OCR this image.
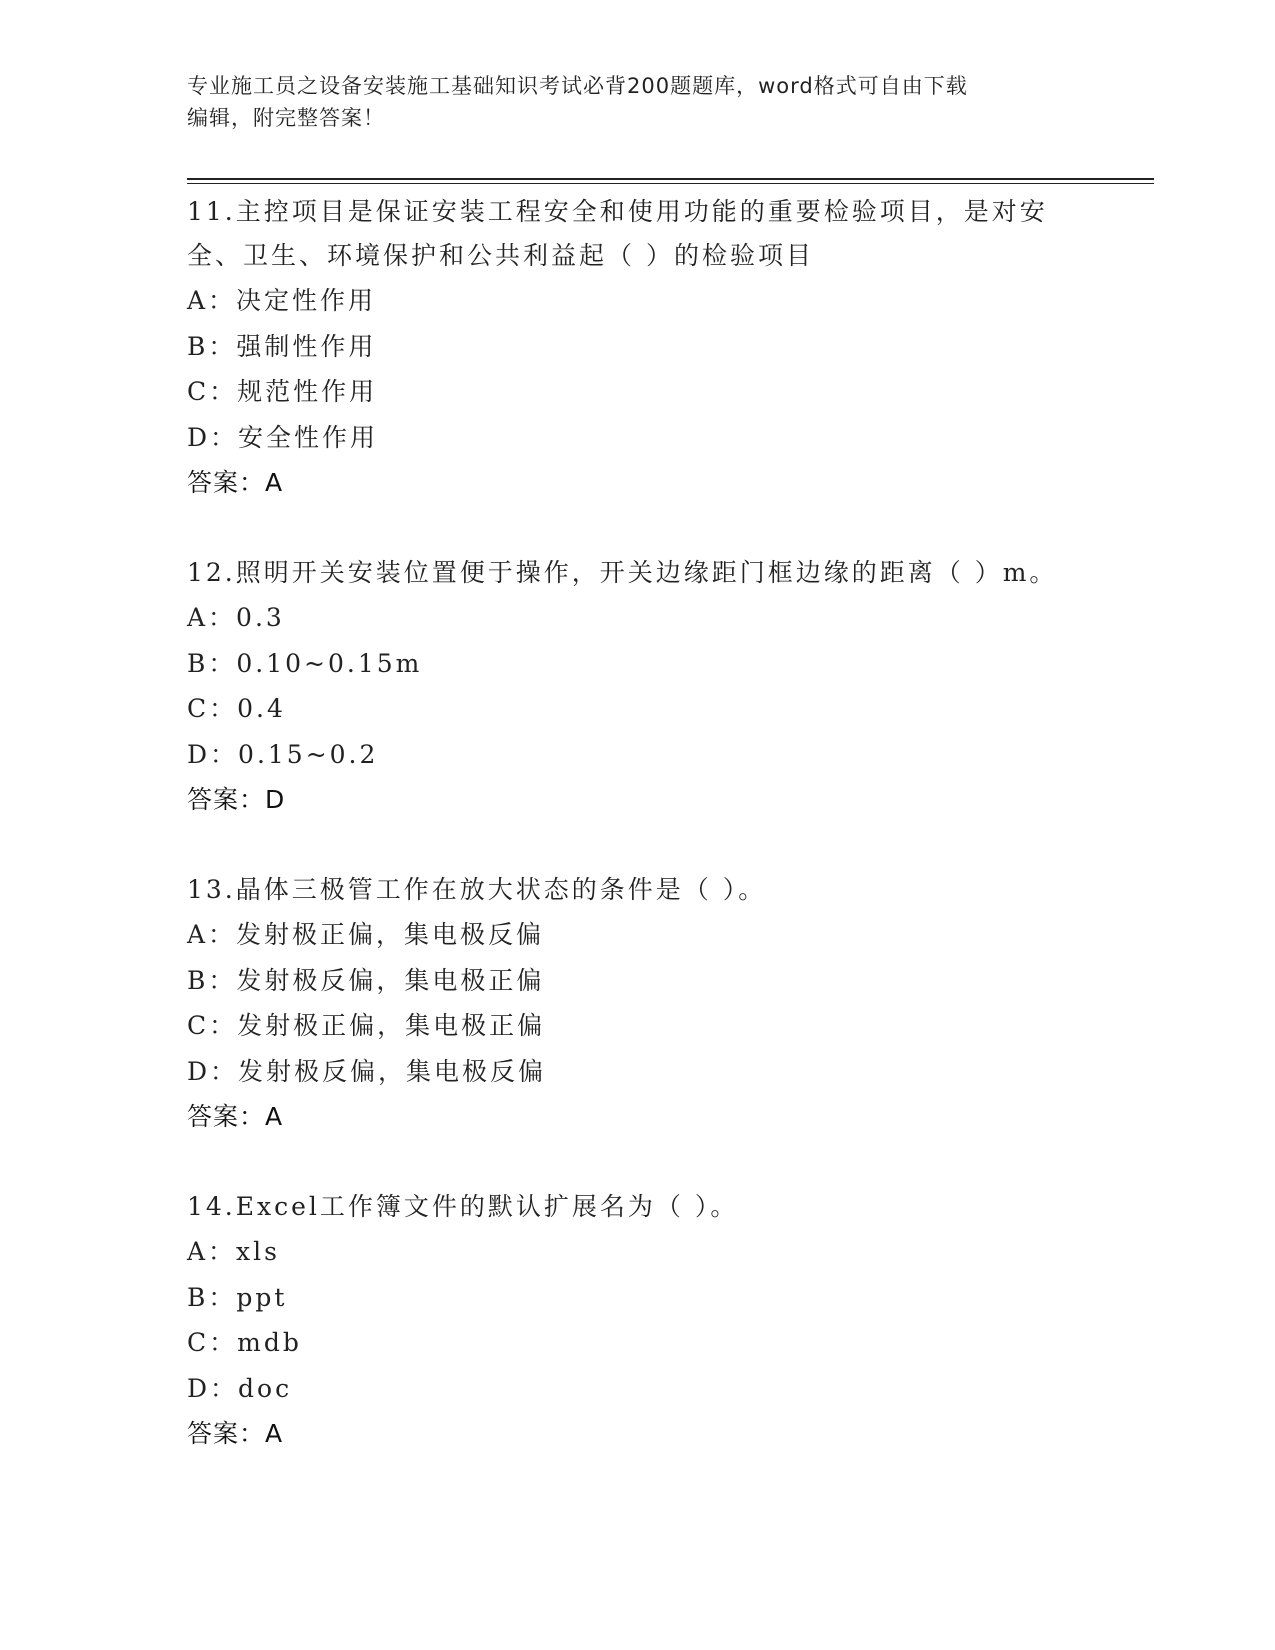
专业施工员之设备安装施工基础知识考试必背200题题库，word格式可自由下载
编辑，附完整答案！
11.主控项目是保证安装工程安全和使用功能的重要检验项目，是对安
全、卫生、环境保护和公共利益起（ ）的检验项目
A：决定性作用
B：强制性作用
C：规范性作用
D：安全性作用
答案：A
12.照明开关安装位置便于操作，开关边缘距门框边缘的距离（ ）m。
A：0.3
B：0.10~0.15m
C：0.4
D：0.15~0.2
答案：D
13.晶体三极管工作在放大状态的条件是（ ）。
A：发射极正偏，集电极反偏
B：发射极反偏，集电极正偏
C：发射极正偏，集电极正偏
D：发射极反偏，集电极反偏
答案：A
14.Excel工作簿文件的默认扩展名为（ ）。
A：xls
B：ppt
C：mdb
D：doc
答案：A
